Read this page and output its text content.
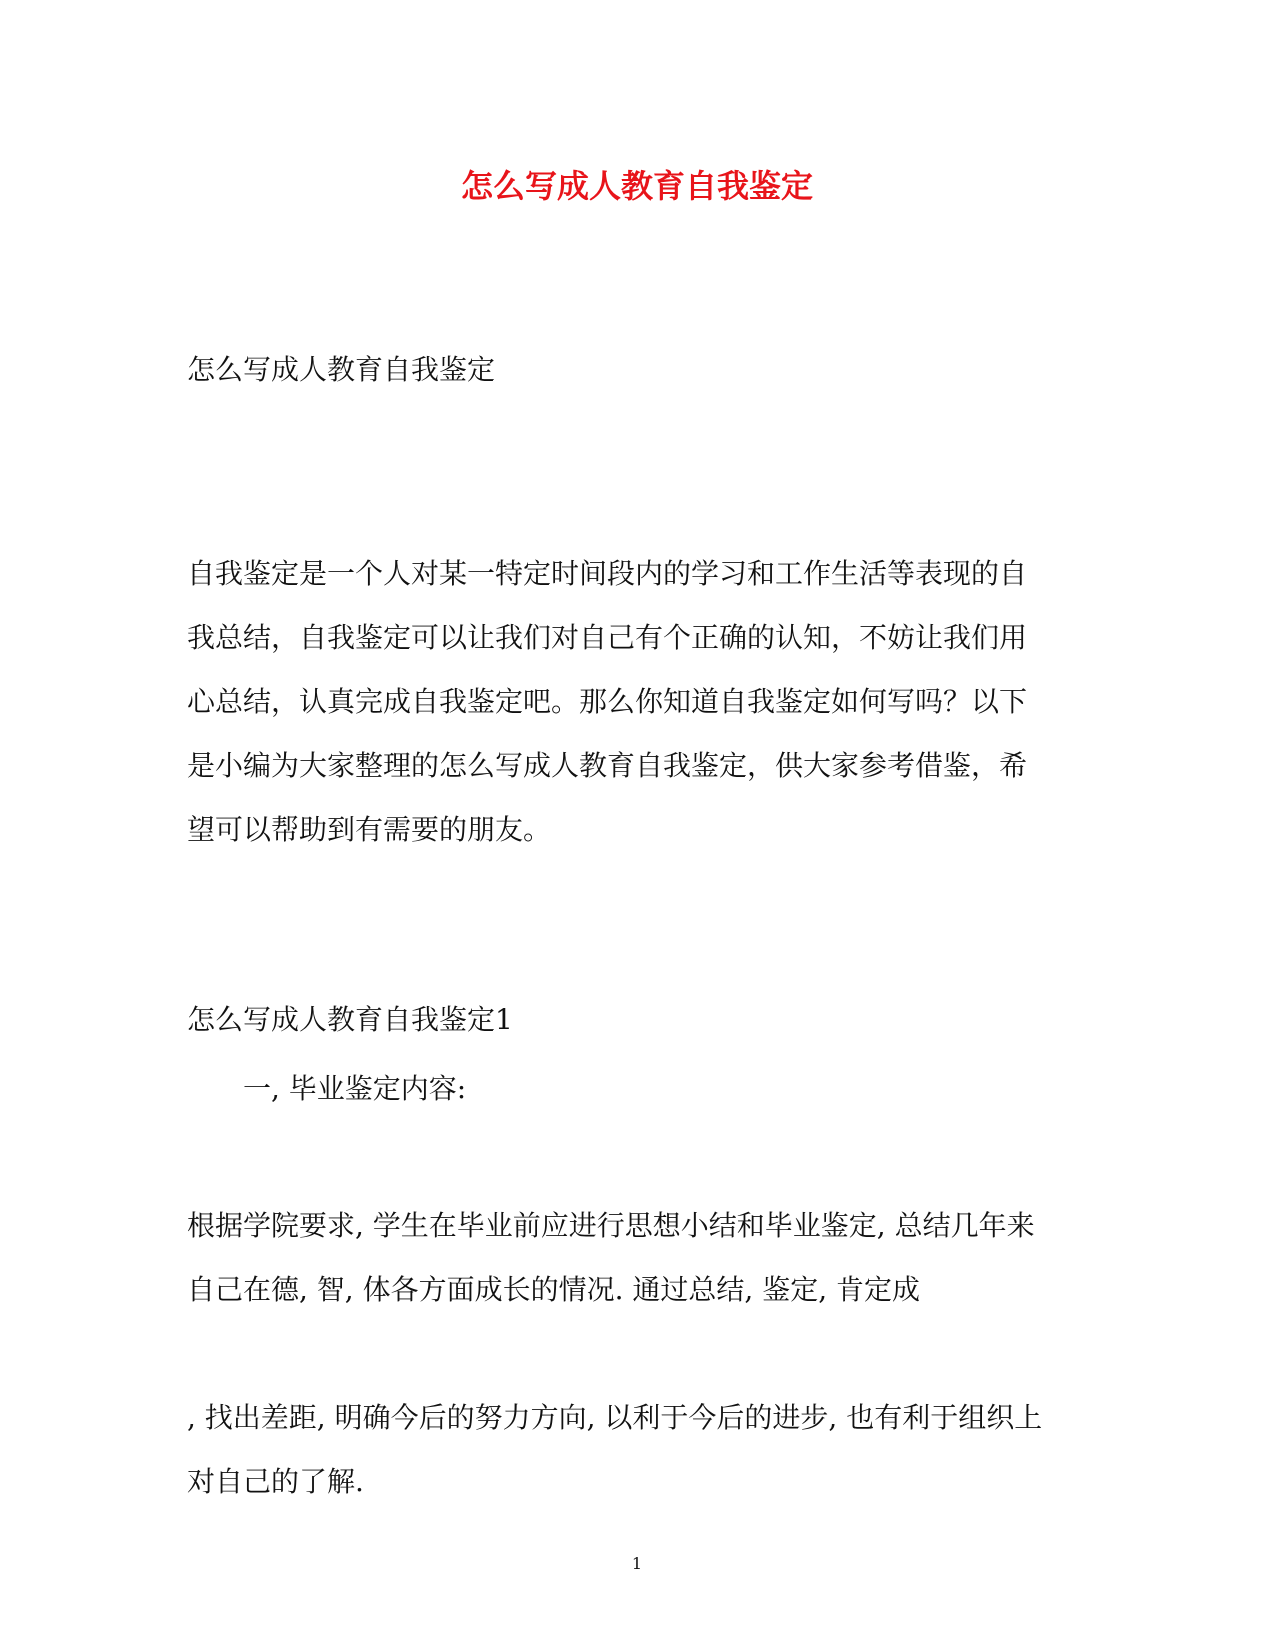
怎么写成人教育自我鉴定

怎么写成人教育自我鉴定

自我鉴定是一个人对某一特定时间段内的学习和工作生活等表现的自
我总结，自我鉴定可以让我们对自己有个正确的认知，不妨让我们用
心总结，认真完成自我鉴定吧。那么你知道自我鉴定如何写吗？以下
是小编为大家整理的怎么写成人教育自我鉴定，供大家参考借鉴，希
望可以帮助到有需要的朋友。

怎么写成人教育自我鉴定1

一, 毕业鉴定内容:

根据学院要求, 学生在毕业前应进行思想小结和毕业鉴定, 总结几年来
自己在德, 智, 体各方面成长的情况. 通过总结, 鉴定, 肯定成
, 找出差距, 明确今后的努力方向, 以利于今后的进步, 也有利于组织上
对自己的了解.
1
